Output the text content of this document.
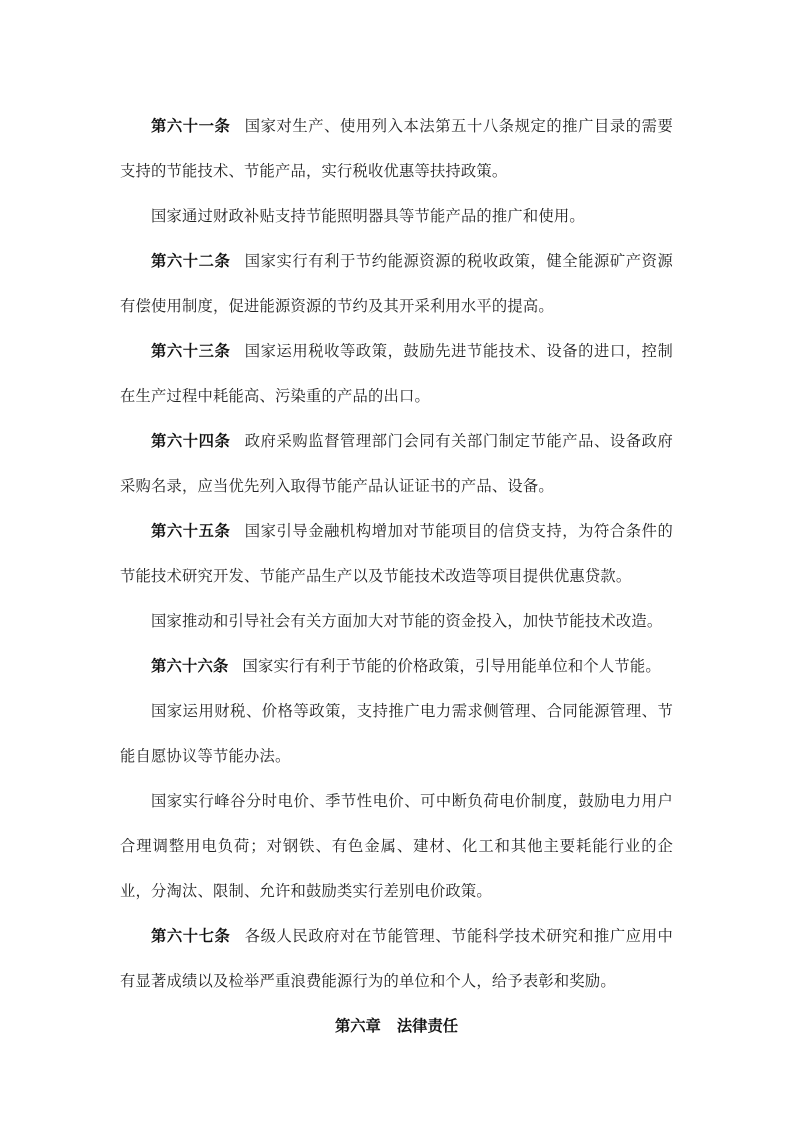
第六十一条 国家对生产、使用列入本法第五十八条规定的推广目录的需要支持的节能技术、节能产品，实行税收优惠等扶持政策。

国家通过财政补贴支持节能照明器具等节能产品的推广和使用。

第六十二条 国家实行有利于节约能源资源的税收政策，健全能源矿产资源有偿使用制度，促进能源资源的节约及其开采利用水平的提高。

第六十三条 国家运用税收等政策，鼓励先进节能技术、设备的进口，控制在生产过程中耗能高、污染重的产品的出口。

第六十四条 政府采购监督管理部门会同有关部门制定节能产品、设备政府采购名录，应当优先列入取得节能产品认证证书的产品、设备。

第六十五条 国家引导金融机构增加对节能项目的信贷支持，为符合条件的节能技术研究开发、节能产品生产以及节能技术改造等项目提供优惠贷款。

国家推动和引导社会有关方面加大对节能的资金投入，加快节能技术改造。

第六十六条 国家实行有利于节能的价格政策，引导用能单位和个人节能。

国家运用财税、价格等政策，支持推广电力需求侧管理、合同能源管理、节能自愿协议等节能办法。

国家实行峰谷分时电价、季节性电价、可中断负荷电价制度，鼓励电力用户合理调整用电负荷；对钢铁、有色金属、建材、化工和其他主要耗能行业的企业，分淘汰、限制、允许和鼓励类实行差别电价政策。

第六十七条 各级人民政府对在节能管理、节能科学技术研究和推广应用中有显著成绩以及检举严重浪费能源行为的单位和个人，给予表彰和奖励。

第六章 法律责任
